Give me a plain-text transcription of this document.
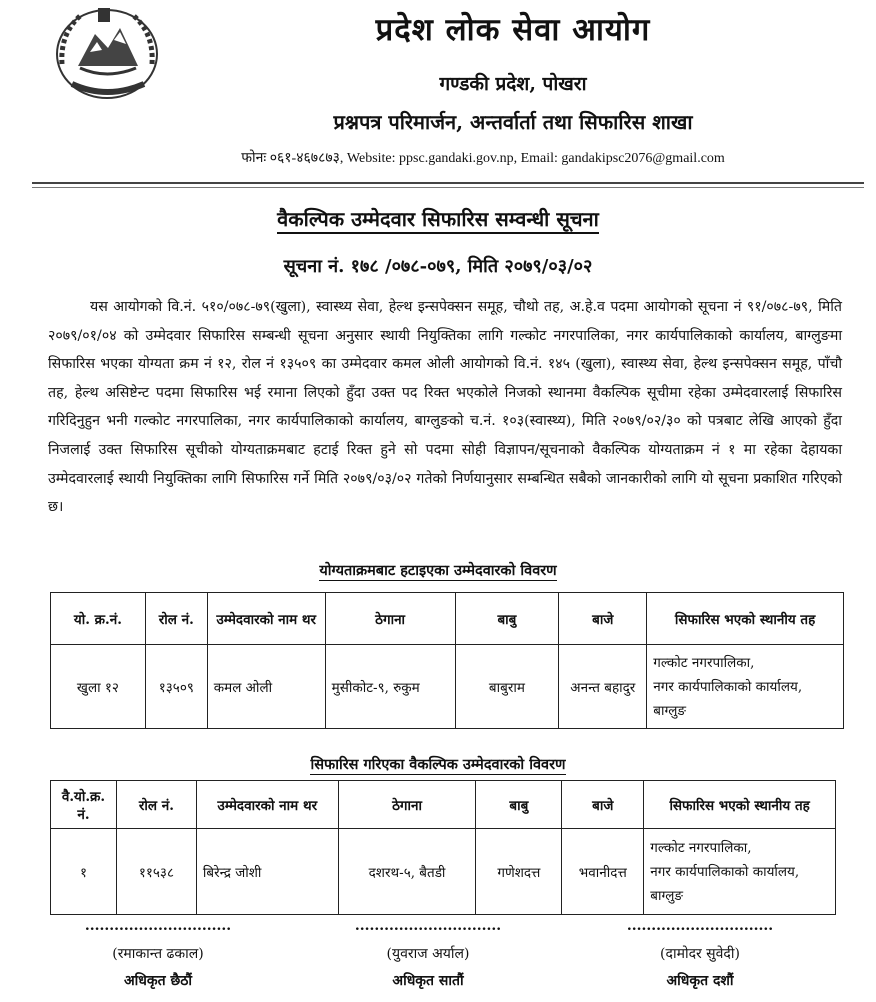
प्रदेश लोक सेवा आयोग
गण्डकी प्रदेश, पोखरा
प्रश्नपत्र परिमार्जन, अन्तर्वार्ता तथा सिफारिस शाखा
फोनः ०६१-४६७८७३, Website: ppsc.gandaki.gov.np, Email: gandakipsc2076@gmail.com
वैकल्पिक उम्मेदवार सिफारिस सम्वन्धी सूचना
सूचना नं. १७८ /०७८-०७९, मिति २०७९/०३/०२
यस आयोगको वि.नं. ५१०/०७८-७९(खुला), स्वास्थ्य सेवा, हेल्थ इन्सपेक्सन समूह, चौथो तह, अ.हे.व पदमा आयोगको सूचना नं ९१/०७८-७९, मिति २०७९/०१/०४ को उम्मेदवार सिफारिस सम्बन्धी सूचना अनुसार स्थायी नियुक्तिका लागि गल्कोट नगरपालिका, नगर कार्यपालिकाको कार्यालय, बाग्लुङमा सिफारिस भएका योग्यता क्रम नं १२, रोल नं १३५०९ का उम्मेदवार कमल ओली आयोगको वि.नं. १४५ (खुला), स्वास्थ्य सेवा, हेल्थ इन्सपेक्सन समूह, पाँचौ तह, हेल्थ असिष्टेन्ट पदमा सिफारिस भई रमाना लिएको हुँदा उक्त पद रिक्त भएकोले निजको स्थानमा वैकल्पिक सूचीमा रहेका उम्मेदवारलाई सिफारिस गरिदिनुहुन भनी गल्कोट नगरपालिका, नगर कार्यपालिकाको कार्यालय, बाग्लुङको च.नं. १०३(स्वास्थ्य), मिति २०७९/०२/३० को पत्रबाट लेखि आएको हुँदा निजलाई उक्त सिफारिस सूचीको योग्यताक्रमबाट हटाई रिक्त हुने सो पदमा सोही विज्ञापन/सूचनाको वैकल्पिक योग्यताक्रम नं १ मा रहेका देहायका उम्मेदवारलाई स्थायी नियुक्तिका लागि सिफारिस गर्ने मिति २०७९/०३/०२ गतेको निर्णयानुसार सम्बन्धित सबैको जानकारीको लागि यो सूचना प्रकाशित गरिएको छ।
योग्यताक्रमबाट हटाइएका उम्मेदवारको विवरण
यो. क्र.नं.	रोल नं.	उम्मेदवारको नाम थर	ठेगाना	बाबु	बाजे	सिफारिस भएको स्थानीय तह
खुला १२	१३५०९	कमल ओली	मुसीकोट-९, रुकुम	बाबुराम	अनन्त बहादुर	गल्कोट नगरपालिका,
नगर कार्यपालिकाको कार्यालय,
बाग्लुङ
सिफारिस गरिएका वैकल्पिक उम्मेदवारको विवरण
वै.यो.क्र. नं.	रोल नं.	उम्मेदवारको नाम थर	ठेगाना	बाबु	बाजे	सिफारिस भएको स्थानीय तह
१	११५३८	बिरेन्द्र जोशी	दशरथ-५, बैतडी	गणेशदत्त	भवानीदत्त	गल्कोट नगरपालिका,
नगर कार्यपालिकाको कार्यालय,
बाग्लुङ
..............................
(रमाकान्त ढकाल)
अधिकृत छैठौं
..............................
(युवराज अर्याल)
अधिकृत सातौं
..............................
(दामोदर सुवेदी)
अधिकृत दशौं
